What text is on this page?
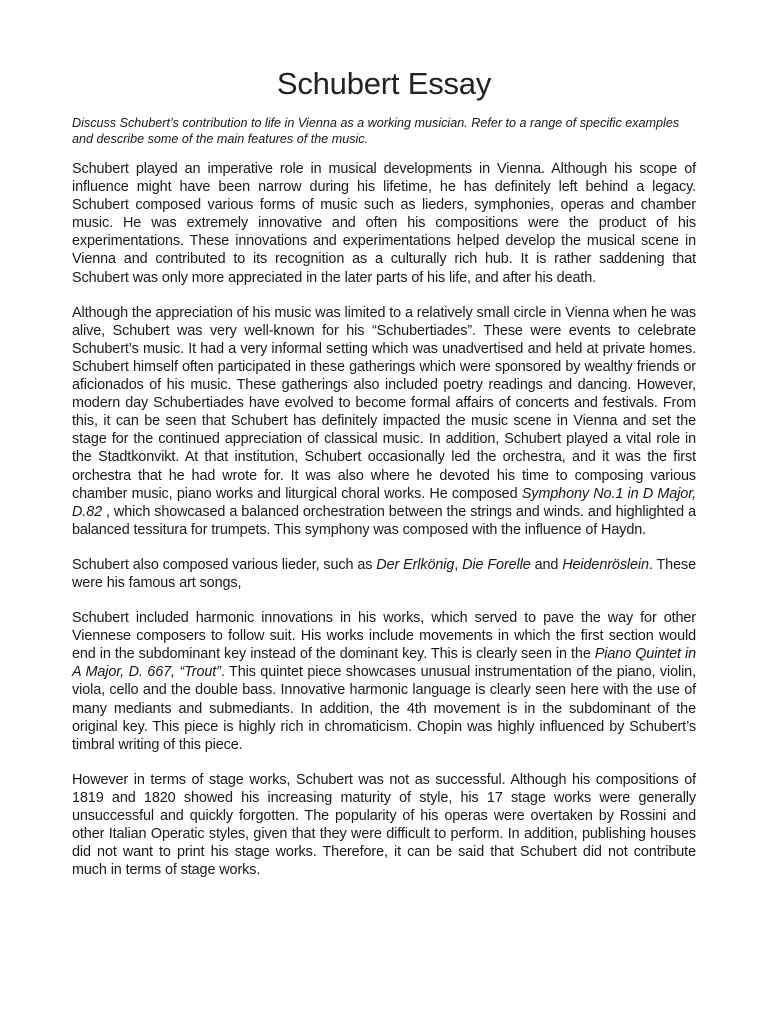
Schubert Essay

Discuss Schubert’s contribution to life in Vienna as a working musician. Refer to a range of specific examples and describe some of the main features of the music.

Schubert played an imperative role in musical developments in Vienna. Although his scope of influence might have been narrow during his lifetime, he has definitely left behind a legacy. Schubert composed various forms of music such as lieders, symphonies, operas and chamber music. He was extremely innovative and often his compositions were the product of his experimentations. These innovations and experimentations helped develop the musical scene in Vienna and contributed to its recognition as a culturally rich hub. It is rather saddening that Schubert was only more appreciated in the later parts of his life, and after his death.

Although the appreciation of his music was limited to a relatively small circle in Vienna when he was alive, Schubert was very well-known for his “Schubertiades”. These were events to celebrate Schubert’s music. It had a very informal setting which was unadvertised and held at private homes. Schubert himself often participated in these gatherings which were sponsored by wealthy friends or aficionados of his music. These gatherings also included poetry readings and dancing. However, modern day Schubertiades have evolved to become formal affairs of concerts and festivals. From this, it can be seen that Schubert has definitely impacted the music scene in Vienna and set the stage for the continued appreciation of classical music. In addition, Schubert played a vital role in the Stadtkonvikt. At that institution, Schubert occasionally led the orchestra, and it was the first orchestra that he had wrote for. It was also where he devoted his time to composing various chamber music, piano works and liturgical choral works. He composed Symphony No.1 in D Major, D.82 , which showcased a balanced orchestration between the strings and winds. and highlighted a balanced tessitura for trumpets. This symphony was composed with the influence of Haydn.

Schubert also composed various lieder, such as Der Erlkönig, Die Forelle and Heidenröslein. These were his famous art songs,

Schubert included harmonic innovations in his works, which served to pave the way for other Viennese composers to follow suit. His works include movements in which the first section would end in the subdominant key instead of the dominant key. This is clearly seen in the Piano Quintet in A Major, D. 667, “Trout”. This quintet piece showcases unusual instrumentation of the piano, violin, viola, cello and the double bass. Innovative harmonic language is clearly seen here with the use of many mediants and submediants. In addition, the 4th movement is in the subdominant of the original key. This piece is highly rich in chromaticism. Chopin was highly influenced by Schubert’s timbral writing of this piece.

However in terms of stage works, Schubert was not as successful. Although his compositions of 1819 and 1820 showed his increasing maturity of style, his 17 stage works were generally unsuccessful and quickly forgotten. The popularity of his operas were overtaken by Rossini and other Italian Operatic styles, given that they were difficult to perform. In addition, publishing houses did not want to print his stage works. Therefore, it can be said that Schubert did not contribute much in terms of stage works.
